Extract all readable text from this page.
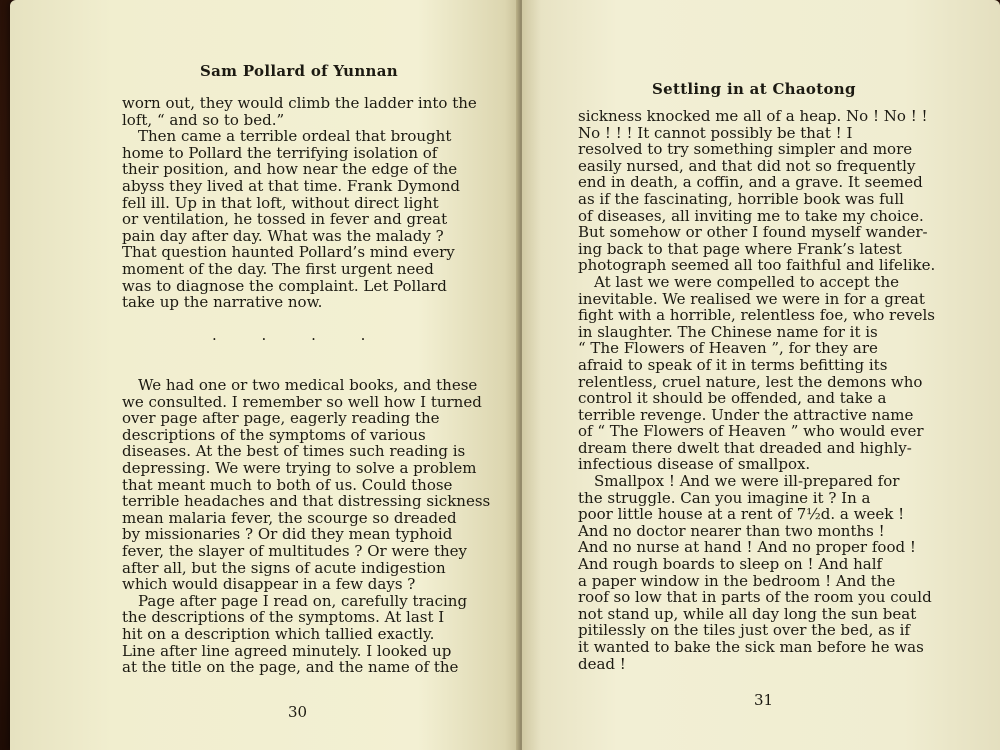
Sam Pollard of Yunnan
worn out, they would climb the ladder into the
loft, “ and so to bed.”
Then came a terrible ordeal that brought
home to Pollard the terrifying isolation of
their position, and how near the edge of the
abyss they lived at that time. Frank Dymond
fell ill. Up in that loft, without direct light
or ventilation, he tossed in fever and great
pain day after day. What was the malady ?
That question haunted Pollard’s mind every
moment of the day. The first urgent need
was to diagnose the complaint. Let Pollard
take up the narrative now.
. . . .
We had one or two medical books, and these
we consulted. I remember so well how I turned
over page after page, eagerly reading the
descriptions of the symptoms of various
diseases. At the best of times such reading is
depressing. We were trying to solve a problem
that meant much to both of us. Could those
terrible headaches and that distressing sickness
mean malaria fever, the scourge so dreaded
by missionaries ? Or did they mean typhoid
fever, the slayer of multitudes ? Or were they
after all, but the signs of acute indigestion
which would disappear in a few days ?
Page after page I read on, carefully tracing
the descriptions of the symptoms. At last I
hit on a description which tallied exactly.
Line after line agreed minutely. I looked up
at the title on the page, and the name of the
30
Settling in at Chaotong
sickness knocked me all of a heap. No ! No ! !
No ! ! ! It cannot possibly be that ! I
resolved to try something simpler and more
easily nursed, and that did not so frequently
end in death, a coffin, and a grave. It seemed
as if the fascinating, horrible book was full
of diseases, all inviting me to take my choice.
But somehow or other I found myself wander-
ing back to that page where Frank’s latest
photograph seemed all too faithful and lifelike.
At last we were compelled to accept the
inevitable. We realised we were in for a great
fight with a horrible, relentless foe, who revels
in slaughter. The Chinese name for it is
“ The Flowers of Heaven ”, for they are
afraid to speak of it in terms befitting its
relentless, cruel nature, lest the demons who
control it should be offended, and take a
terrible revenge. Under the attractive name
of “ The Flowers of Heaven ” who would ever
dream there dwelt that dreaded and highly-
infectious disease of smallpox.
Smallpox ! And we were ill-prepared for
the struggle. Can you imagine it ? In a
poor little house at a rent of 7½d. a week !
And no doctor nearer than two months !
And no nurse at hand ! And no proper food !
And rough boards to sleep on ! And half
a paper window in the bedroom ! And the
roof so low that in parts of the room you could
not stand up, while all day long the sun beat
pitilessly on the tiles just over the bed, as if
it wanted to bake the sick man before he was
dead !
31
